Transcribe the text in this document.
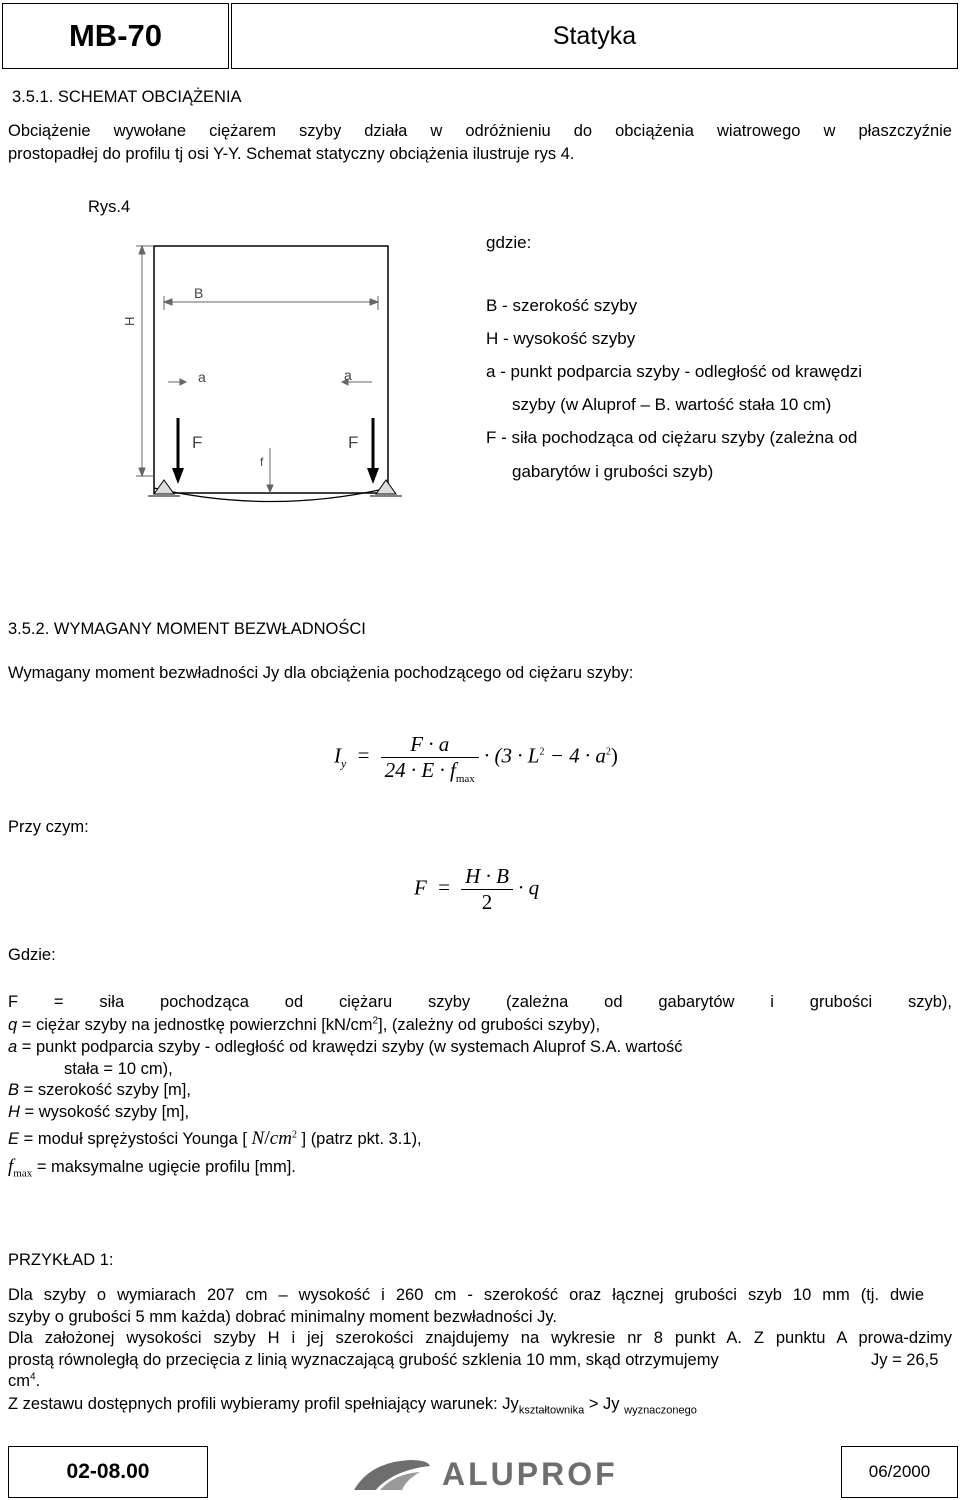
MB-70	Statyka
3.5.1. SCHEMAT OBCIĄŻENIA
Obciążenie wywołane ciężarem szyby działa w odróżnieniu do obciążenia wiatrowego w płaszczyźnie
prostopadłej do profilu tj osi Y-Y. Schemat statyczny obciążenia ilustruje rys 4.
Rys.4
H
B
a	a
F	F
f
gdzie:
B - szerokość szyby
H - wysokość szyby
a - punkt podparcia szyby - odległość od krawędzi
szyby (w Aluprof – B. wartość stała 10 cm)
F - siła pochodząca od ciężaru szyby (zależna od
gabarytów i grubości szyb)
3.5.2. WYMAGANY MOMENT BEZWŁADNOŚCI
Wymagany moment bezwładności Jy dla obciążenia pochodzącego od ciężaru szyby:
$I_y = \frac{F \cdot a}{24 \cdot E \cdot f_{max}} \cdot (3 \cdot L^2 - 4 \cdot a^2)$
Przy czym:
$F = \frac{H \cdot B}{2} \cdot q$
Gdzie:
F = siła pochodząca od ciężaru szyby (zależna od gabarytów i grubości szyb),
q = ciężar szyby na jednostkę powierzchni $[kN/cm^2]$, (zależny od grubości szyby),
a = punkt podparcia szyby - odległość od krawędzi szyby (w systemach Aluprof S.A. wartość
stała = 10 cm),
B = szerokość szyby [m],
H = wysokość szyby [m],
E = moduł sprężystości Younga [ $N/cm^2$ ] (patrz pkt. 3.1),
$f_{max}$ = maksymalne ugięcie profilu [mm].
PRZYKŁAD 1:
Dla szyby o wymiarach 207 cm – wysokość i 260 cm - szerokość oraz łącznej grubości szyb 10 mm (tj. dwie
szyby o grubości 5 mm każda) dobrać minimalny moment bezwładności Jy.
Dla założonej wysokości szyby H i jej szerokości znajdujemy na wykresie nr 8 punkt A. Z punktu A prowa-dzimy
prostą równoległą do przecięcia z linią wyznaczającą grubość szklenia 10 mm, skąd otrzymujemy	Jy = 26,5
$cm^4$.
Z zestawu dostępnych profili wybieramy profil spełniający warunek: $Jy_{kształtownika} > Jy$ $_{wyznaczonego}$
02-08.00	ALUPROF	06/2000
